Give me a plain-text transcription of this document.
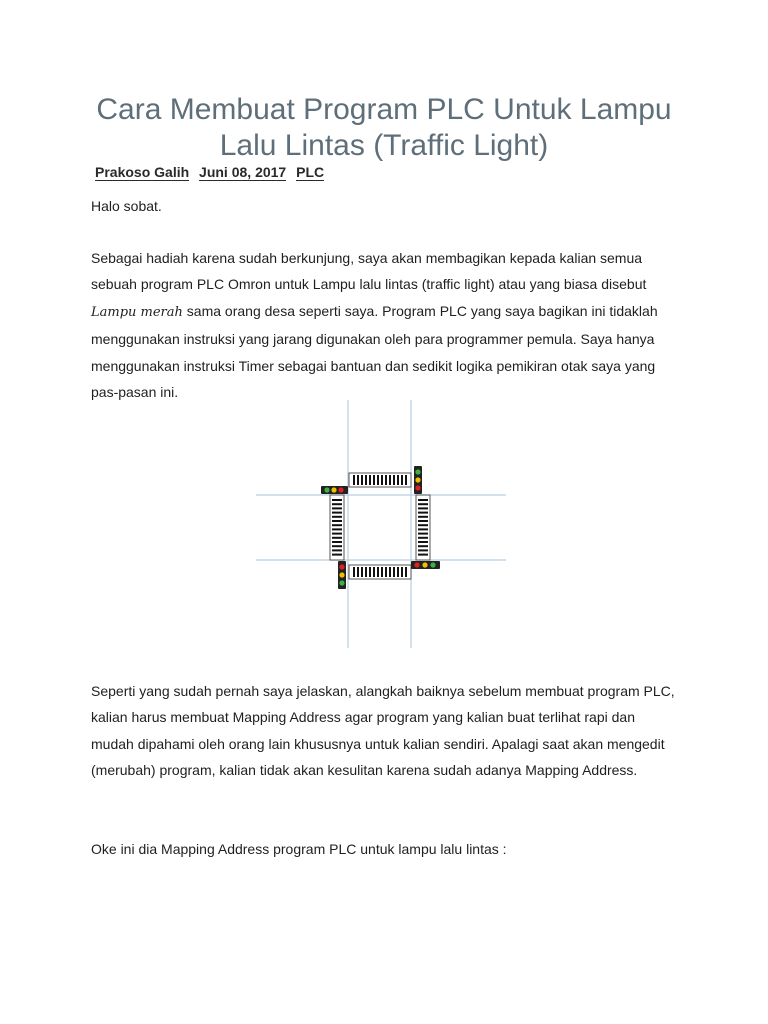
Cara Membuat Program PLC Untuk Lampu Lalu Lintas (Traffic Light)
Prakoso Galih Juni 08, 2017 PLC

Halo sobat.

Sebagai hadiah karena sudah berkunjung, saya akan membagikan kepada kalian semua sebuah program PLC Omron untuk Lampu lalu lintas (traffic light) atau yang biasa disebut Lampu merah sama orang desa seperti saya. Program PLC yang saya bagikan ini tidaklah menggunakan instruksi yang jarang digunakan oleh para programmer pemula. Saya hanya menggunakan instruksi Timer sebagai bantuan dan sedikit logika pemikiran otak saya yang pas-pasan ini.

Seperti yang sudah pernah saya jelaskan, alangkah baiknya sebelum membuat program PLC, kalian harus membuat Mapping Address agar program yang kalian buat terlihat rapi dan mudah dipahami oleh orang lain khususnya untuk kalian sendiri. Apalagi saat akan mengedit (merubah) program, kalian tidak akan kesulitan karena sudah adanya Mapping Address.

Oke ini dia Mapping Address program PLC untuk lampu lalu lintas :
